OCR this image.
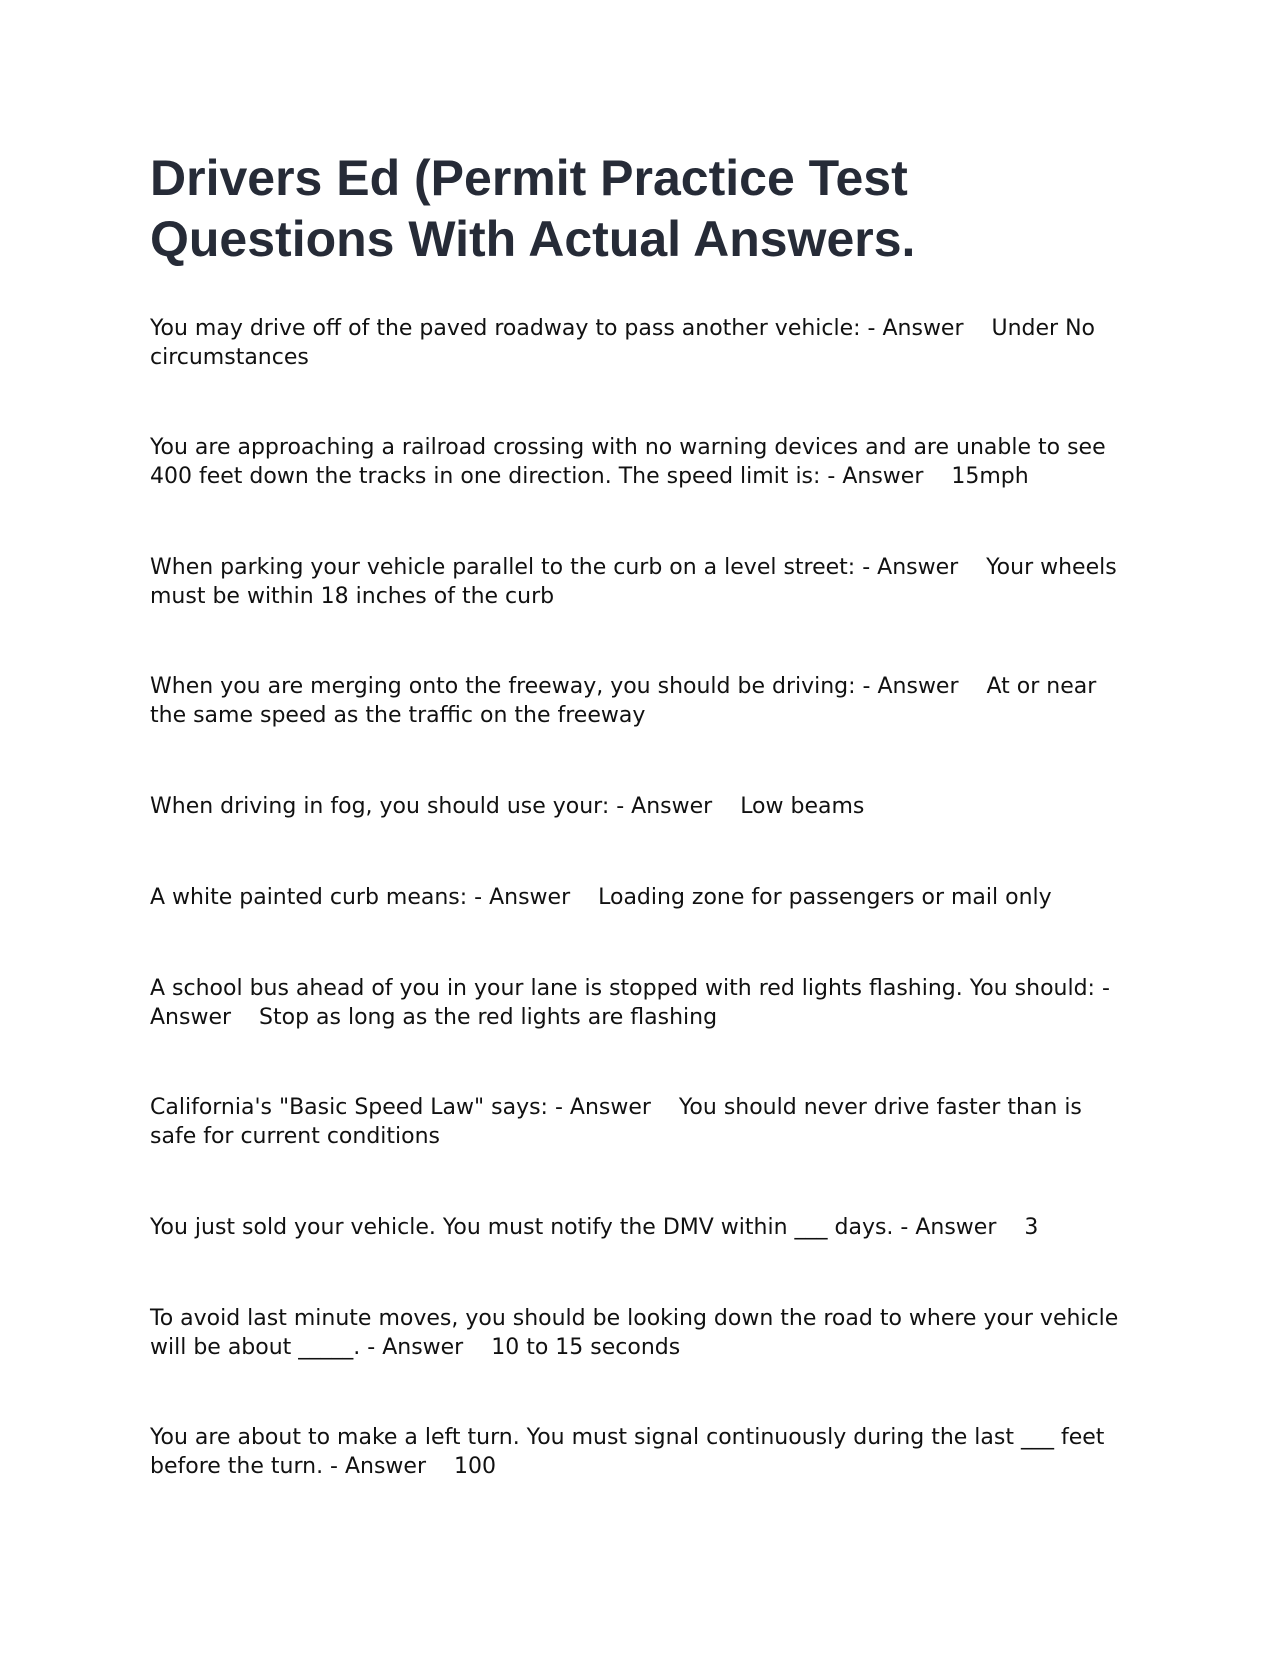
Drivers Ed (Permit Practice Test Questions With Actual Answers.
You may drive off of the paved roadway to pass another vehicle: - Answer Under No circumstances
You are approaching a railroad crossing with no warning devices and are unable to see 400 feet down the tracks in one direction. The speed limit is: - Answer 15mph
When parking your vehicle parallel to the curb on a level street: - Answer Your wheels must be within 18 inches of the curb
When you are merging onto the freeway, you should be driving: - Answer At or near the same speed as the traffic on the freeway
When driving in fog, you should use your: - Answer Low beams
A white painted curb means: - Answer Loading zone for passengers or mail only
A school bus ahead of you in your lane is stopped with red lights flashing. You should: - Answer Stop as long as the red lights are flashing
California's "Basic Speed Law" says: - Answer You should never drive faster than is safe for current conditions
You just sold your vehicle. You must notify the DMV within ___ days. - Answer 3
To avoid last minute moves, you should be looking down the road to where your vehicle will be about _____. - Answer 10 to 15 seconds
You are about to make a left turn. You must signal continuously during the last ___ feet before the turn. - Answer 100
